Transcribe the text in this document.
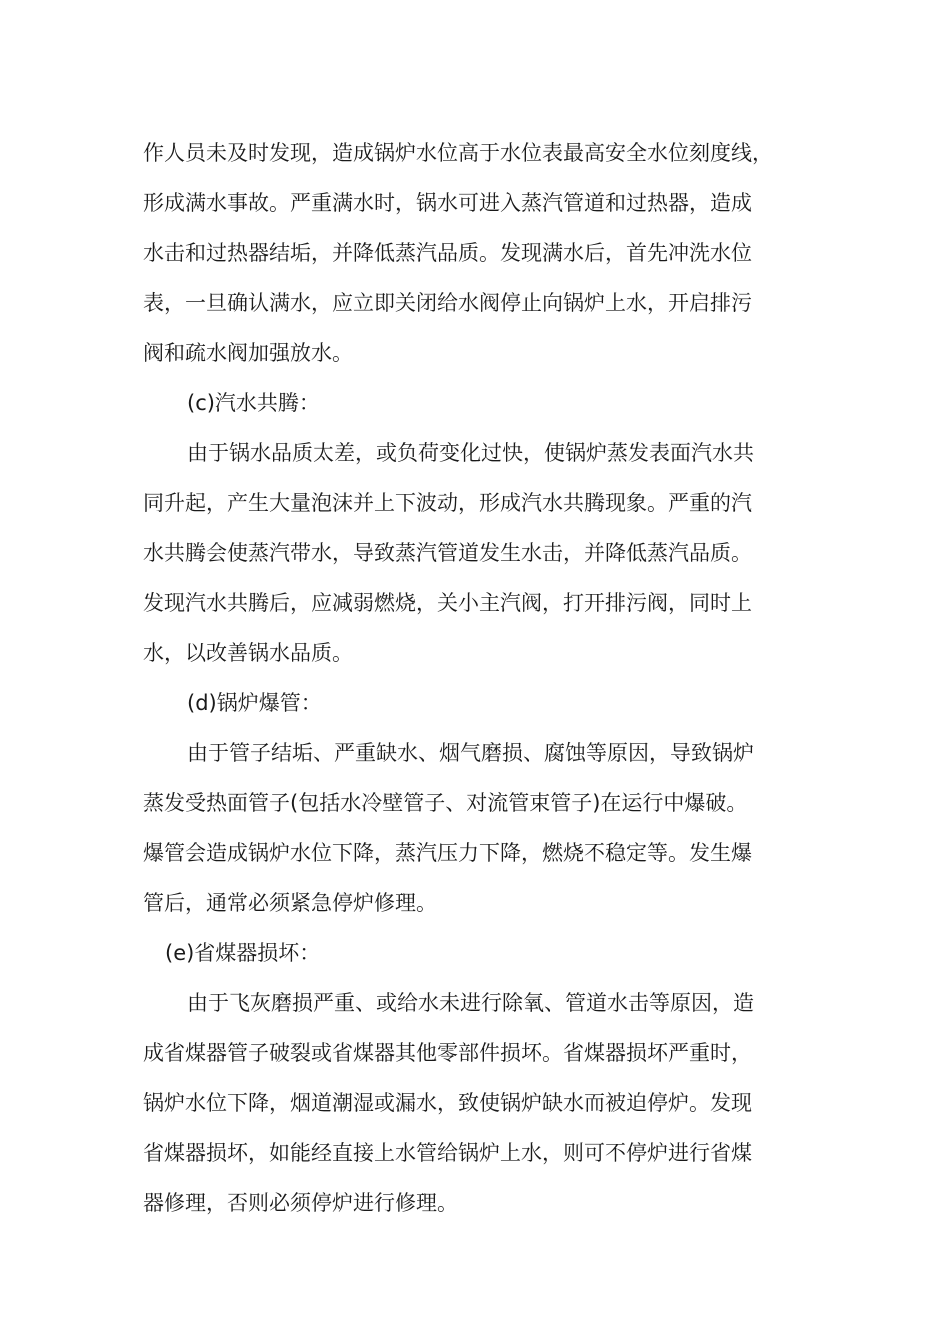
作人员未及时发现，造成锅炉水位高于水位表最高安全水位刻度线，
形成满水事故。严重满水时，锅水可进入蒸汽管道和过热器，造成
水击和过热器结垢，并降低蒸汽品质。发现满水后，首先冲洗水位
表，一旦确认满水，应立即关闭给水阀停止向锅炉上水，开启排污
阀和疏水阀加强放水。
(c)汽水共腾：
由于锅水品质太差，或负荷变化过快，使锅炉蒸发表面汽水共
同升起，产生大量泡沫并上下波动，形成汽水共腾现象。严重的汽
水共腾会使蒸汽带水，导致蒸汽管道发生水击，并降低蒸汽品质。
发现汽水共腾后，应减弱燃烧，关小主汽阀，打开排污阀，同时上
水，以改善锅水品质。
(d)锅炉爆管：
由于管子结垢、严重缺水、烟气磨损、腐蚀等原因，导致锅炉
蒸发受热面管子(包括水冷壁管子、对流管束管子)在运行中爆破。
爆管会造成锅炉水位下降，蒸汽压力下降，燃烧不稳定等。发生爆
管后，通常必须紧急停炉修理。
(e)省煤器损坏：
由于飞灰磨损严重、或给水未进行除氧、管道水击等原因，造
成省煤器管子破裂或省煤器其他零部件损坏。省煤器损坏严重时，
锅炉水位下降，烟道潮湿或漏水，致使锅炉缺水而被迫停炉。发现
省煤器损坏，如能经直接上水管给锅炉上水，则可不停炉进行省煤
器修理，否则必须停炉进行修理。
